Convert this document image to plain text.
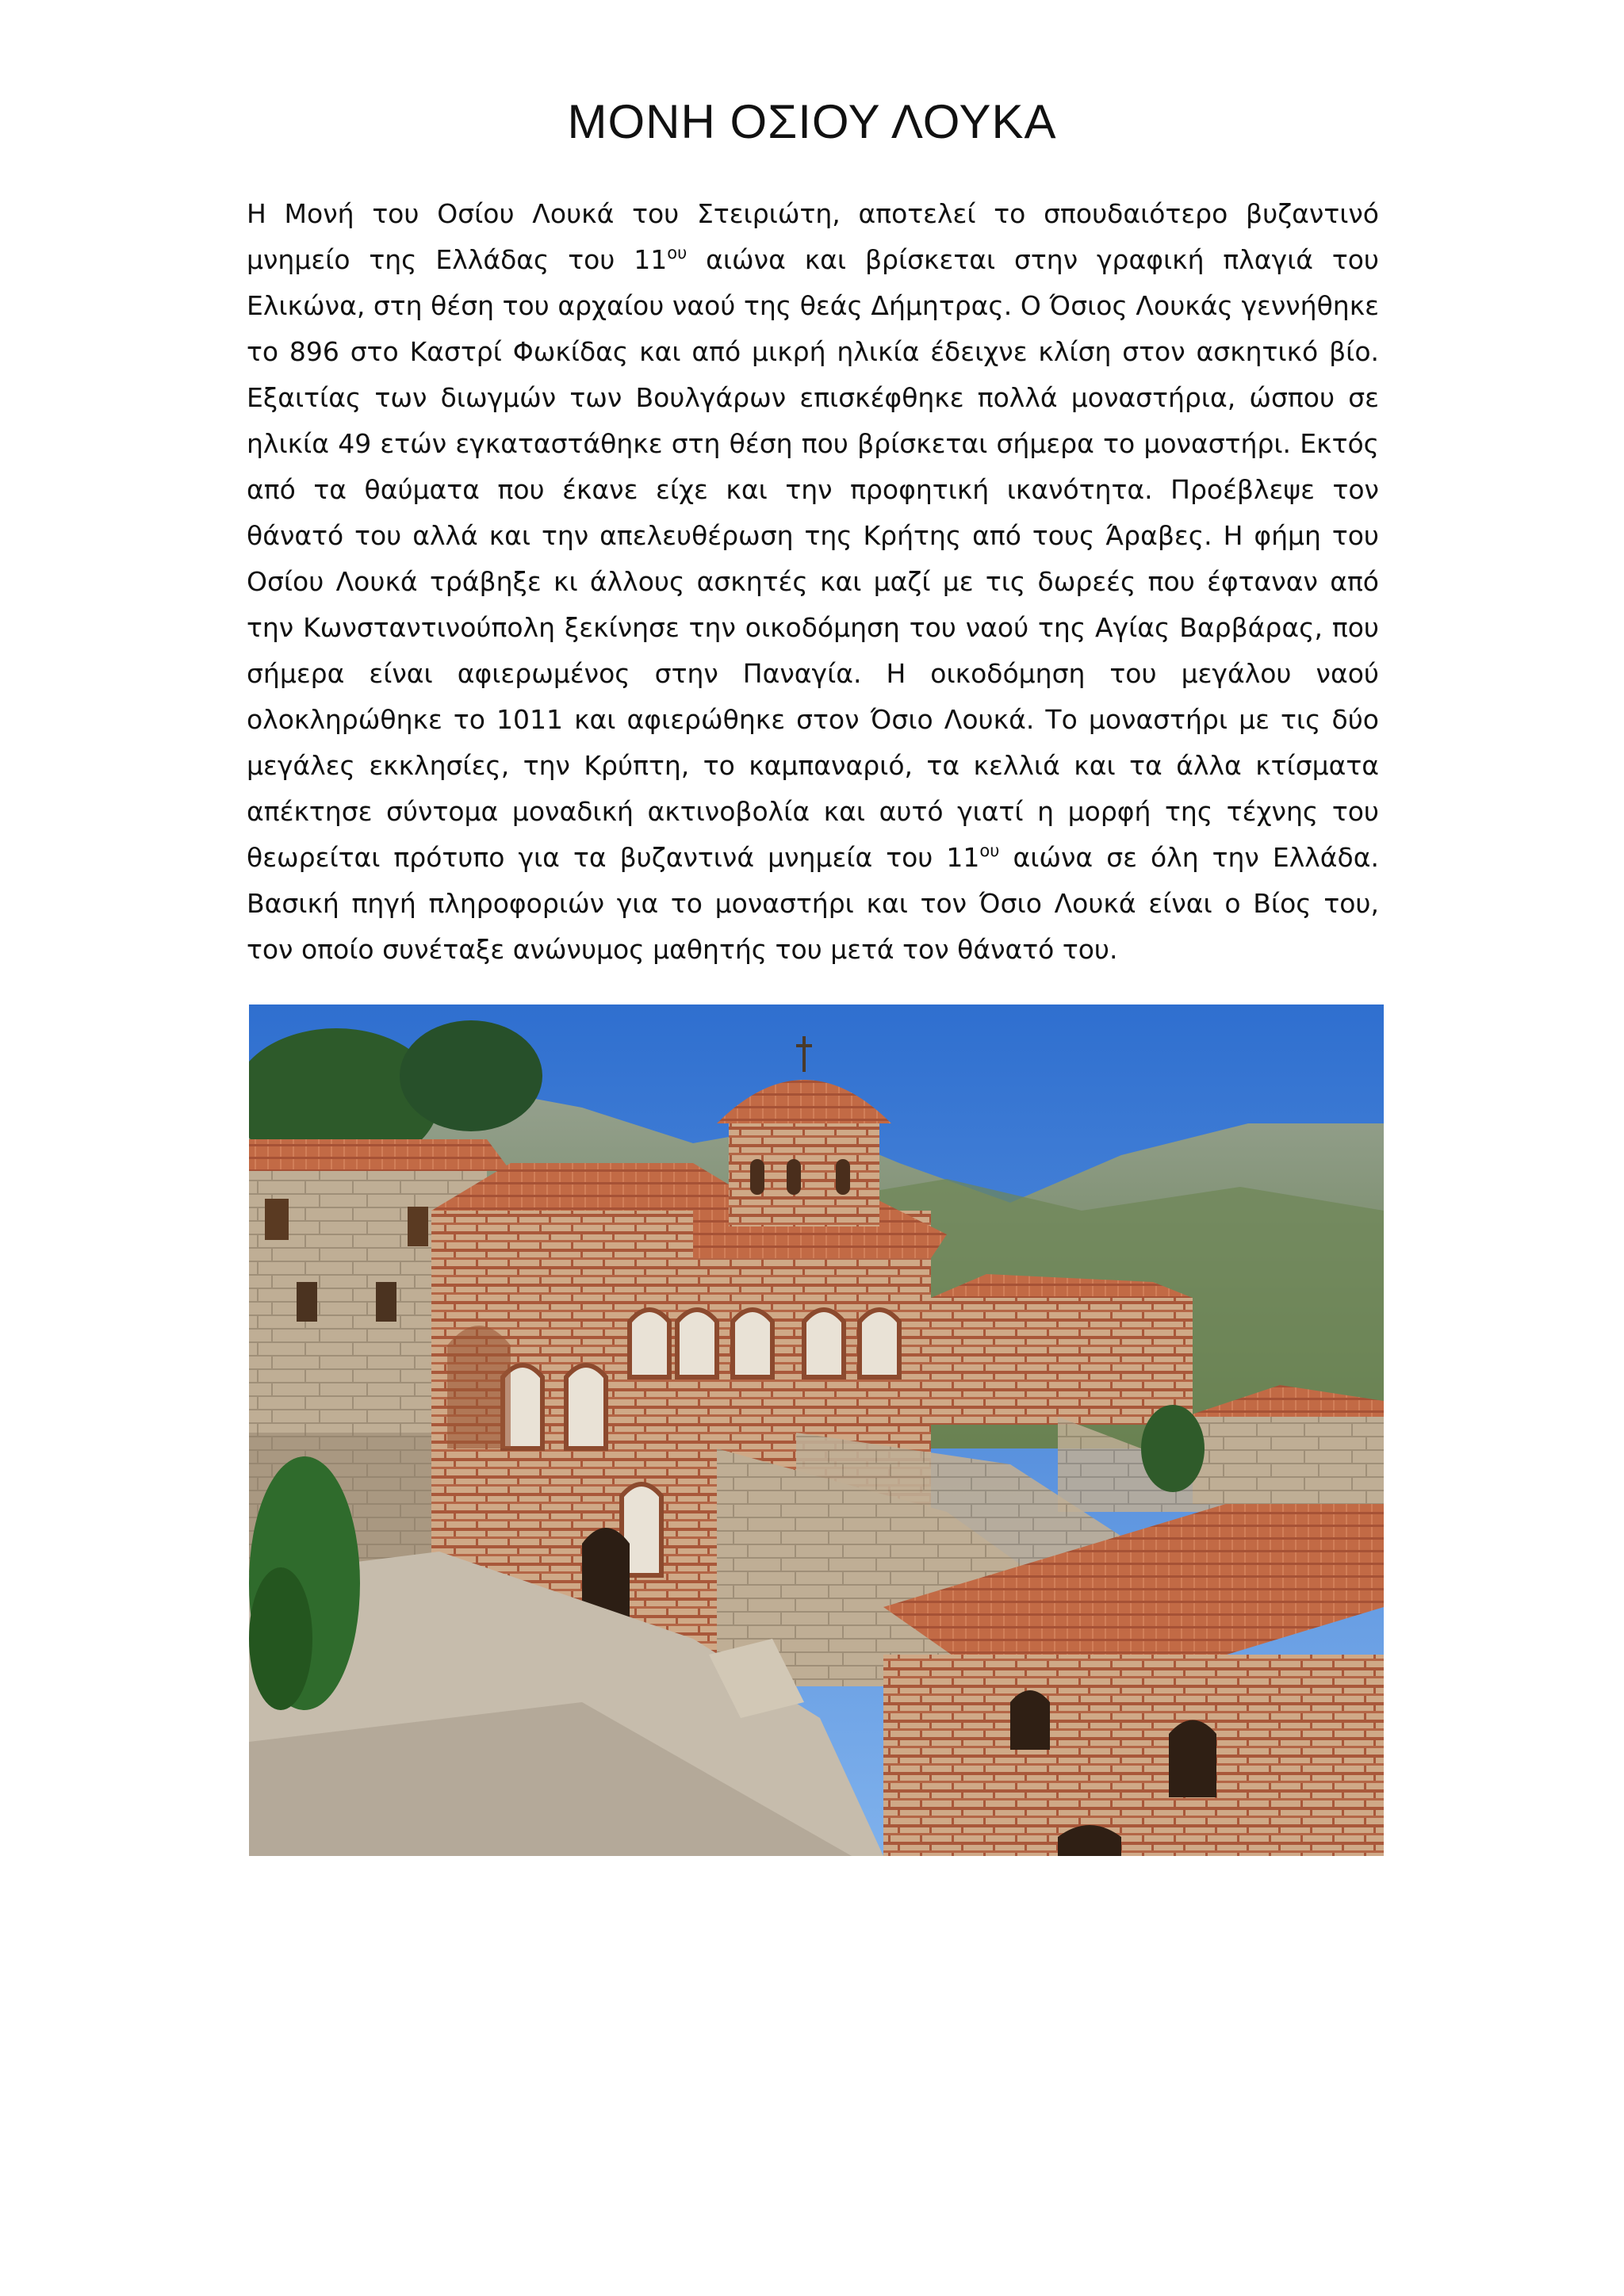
ΜΟΝΗ ΟΣΙΟΥ ΛΟΥΚΑ

Η Μονή του Οσίου Λουκά του Στειριώτη, αποτελεί το σπουδαιότερο βυζαντινό μνημείο της Ελλάδας του $11^{o\upsilon}$ αιώνα και βρίσκεται στην γραφική πλαγιά του Ελικώνα, στη θέση του αρχαίου ναού της θεάς Δήμητρας. Ο Όσιος Λουκάς γεννήθηκε το 896 στο Καστρί Φωκίδας και από μικρή ηλικία έδειχνε κλίση στον ασκητικό βίο. Εξαιτίας των διωγμών των Βουλγάρων επισκέφθηκε πολλά μοναστήρια, ώσπου σε ηλικία 49 ετών εγκαταστάθηκε στη θέση που βρίσκεται σήμερα το μοναστήρι. Εκτός από τα θαύματα που έκανε είχε και την προφητική ικανότητα. Προέβλεψε τον θάνατό του αλλά και την απελευθέρωση της Κρήτης από τους Άραβες. Η φήμη του Οσίου Λουκά τράβηξε κι άλλους ασκητές και μαζί με τις δωρεές που έφταναν από την Κωνσταντινούπολη ξεκίνησε την οικοδόμηση του ναού της Αγίας Βαρβάρας, που σήμερα είναι αφιερωμένος στην Παναγία. Η οικοδόμηση του μεγάλου ναού ολοκληρώθηκε το 1011 και αφιερώθηκε στον Όσιο Λουκά. Το μοναστήρι με τις δύο μεγάλες εκκλησίες, την Κρύπτη, το καμπαναριό, τα κελλιά και τα άλλα κτίσματα απέκτησε σύντομα μοναδική ακτινοβολία και αυτό γιατί η μορφή της τέχνης του θεωρείται πρότυπο για τα βυζαντινά μνημεία του $11^{o\upsilon}$ αιώνα σε όλη την Ελλάδα. Βασική πηγή πληροφοριών για το μοναστήρι και τον Όσιο Λουκά είναι ο Βίος του, τον οποίο συνέταξε ανώνυμος μαθητής του μετά τον θάνατό του.
